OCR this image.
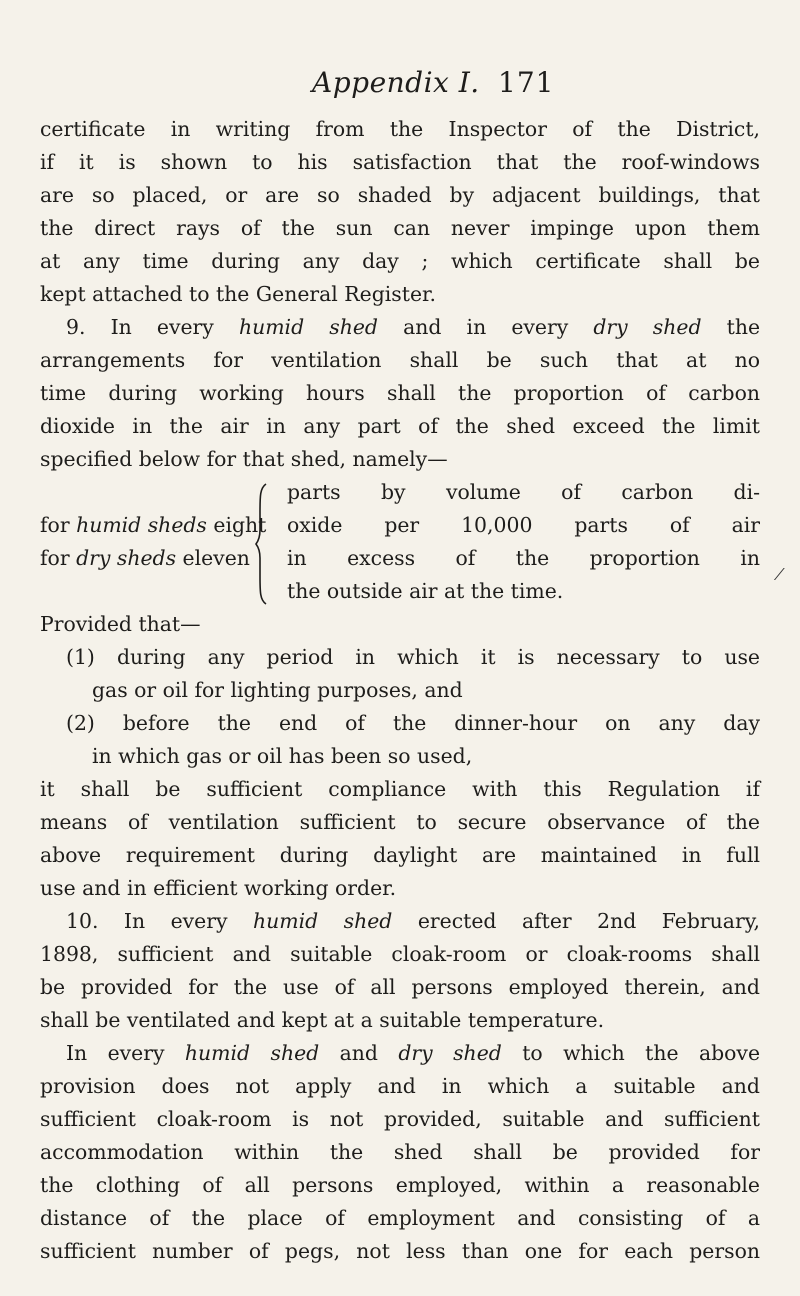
Appendix I. 171
certificate in writing from the Inspector of the District,
if it is shown to his satisfaction that the roof-windows
are so placed, or are so shaded by adjacent buildings, that
the direct rays of the sun can never impinge upon them
at any time during any day ; which certificate shall be
kept attached to the General Register.
9. In every humid shed and in every dry shed the
arrangements for ventilation shall be such that at no
time during working hours shall the proportion of carbon
dioxide in the air in any part of the shed exceed the limit
specified below for that shed, namely—
for humid sheds eight
for dry sheds eleven
parts by volume of carbon di-
oxide per 10,000 parts of air
in excess of the proportion in
the outside air at the time.
Provided that—
(1) during any period in which it is necessary to use
gas or oil for lighting purposes, and
(2) before the end of the dinner-hour on any day
in which gas or oil has been so used,
it shall be sufficient compliance with this Regulation if
means of ventilation sufficient to secure observance of the
above requirement during daylight are maintained in full
use and in efficient working order.
10. In every humid shed erected after 2nd February,
1898, sufficient and suitable cloak-room or cloak-rooms shall
be provided for the use of all persons employed therein, and
shall be ventilated and kept at a suitable temperature.
In every humid shed and dry shed to which the above
provision does not apply and in which a suitable and
sufficient cloak-room is not provided, suitable and sufficient
accommodation within the shed shall be provided for
the clothing of all persons employed, within a reasonable
distance of the place of employment and consisting of a
sufficient number of pegs, not less than one for each person
⁄
